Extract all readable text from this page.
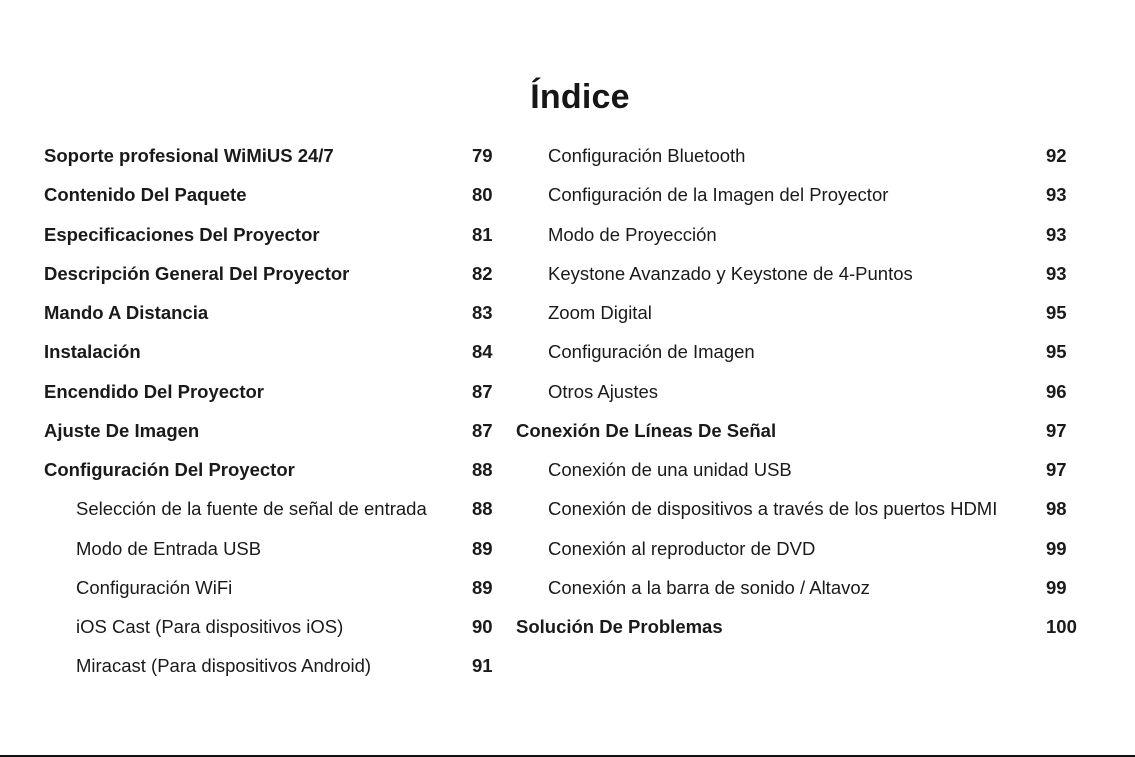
Índice
Soporte profesional WiMiUS 24/7	79
Contenido Del Paquete	80
Especificaciones Del Proyector	81
Descripción General Del Proyector	82
Mando A Distancia	83
Instalación	84
Encendido Del Proyector	87
Ajuste De Imagen	87
Configuración Del Proyector	88
Selección de la fuente de señal de entrada 88
Modo de Entrada USB	89
Configuración WiFi	89
iOS Cast (Para dispositivos iOS)	90
Miracast (Para dispositivos Android)	91
Configuración Bluetooth	92
Configuración de la Imagen del Proyector	93
Modo de Proyección	93
Keystone Avanzado y Keystone de 4-Puntos	93
Zoom Digital	95
Configuración de Imagen	95
Otros Ajustes	96
Conexión De Líneas De Señal	97
Conexión de una unidad USB	97
Conexión de dispositivos a través de los puertos HDMI	98
Conexión al reproductor de DVD	99
Conexión a la barra de sonido / Altavoz	99
Solución De Problemas	100
